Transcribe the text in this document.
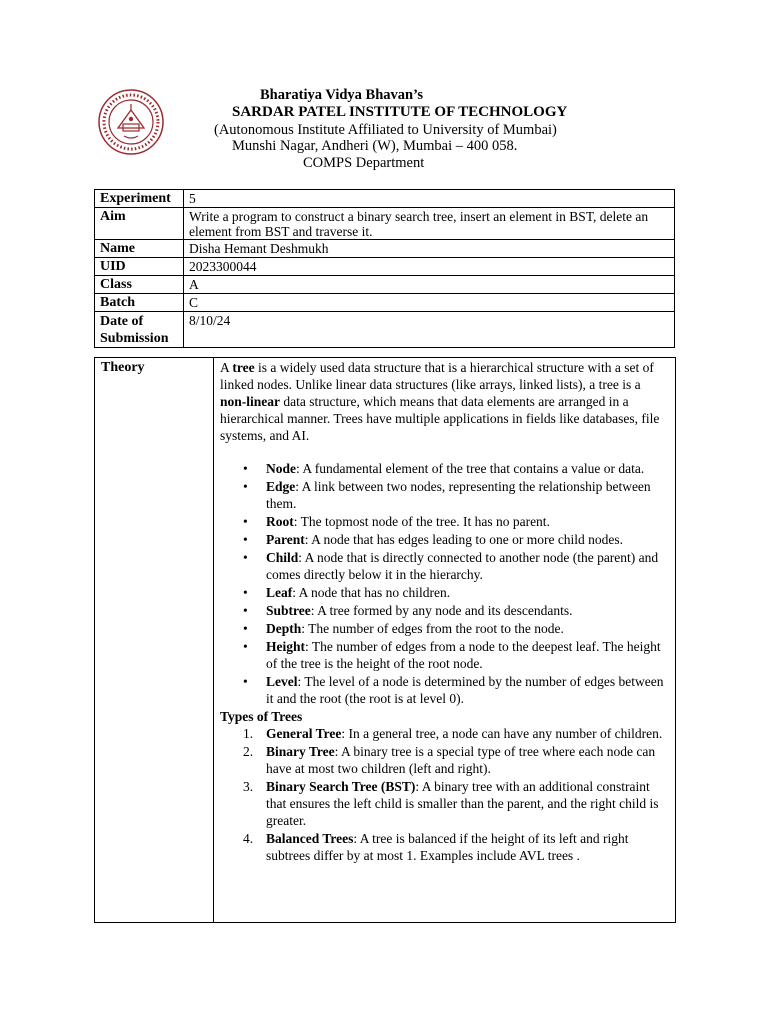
Bharatiya Vidya Bhavan’s
SARDAR PATEL INSTITUTE OF TECHNOLOGY
(Autonomous Institute Affiliated to University of Mumbai)
Munshi Nagar, Andheri (W), Mumbai – 400 058.
COMPS Department
Experiment	5
Aim	Write a program to construct a binary search tree, insert an element in BST, delete an element from BST and traverse it.
Name	Disha Hemant Deshmukh
UID	2023300044
Class	A
Batch	C
Date of Submission	8/10/24
Theory	A tree is a widely used data structure that is a hierarchical structure with a set of linked nodes. Unlike linear data structures (like arrays, linked lists), a tree is a non-linear data structure, which means that data elements are arranged in a hierarchical manner. Trees have multiple applications in fields like databases, file systems, and AI.

• Node: A fundamental element of the tree that contains a value or data.
• Edge: A link between two nodes, representing the relationship between them.
• Root: The topmost node of the tree. It has no parent.
• Parent: A node that has edges leading to one or more child nodes.
• Child: A node that is directly connected to another node (the parent) and comes directly below it in the hierarchy.
• Leaf: A node that has no children.
• Subtree: A tree formed by any node and its descendants.
• Depth: The number of edges from the root to the node.
• Height: The number of edges from a node to the deepest leaf. The height of the tree is the height of the root node.
• Level: The level of a node is determined by the number of edges between it and the root (the root is at level 0).

Types of Trees

1. General Tree: In a general tree, a node can have any number of children.
2. Binary Tree: A binary tree is a special type of tree where each node can have at most two children (left and right).
3. Binary Search Tree (BST): A binary tree with an additional constraint that ensures the left child is smaller than the parent, and the right child is greater.
4. Balanced Trees: A tree is balanced if the height of its left and right subtrees differ by at most 1. Examples include AVL trees .
